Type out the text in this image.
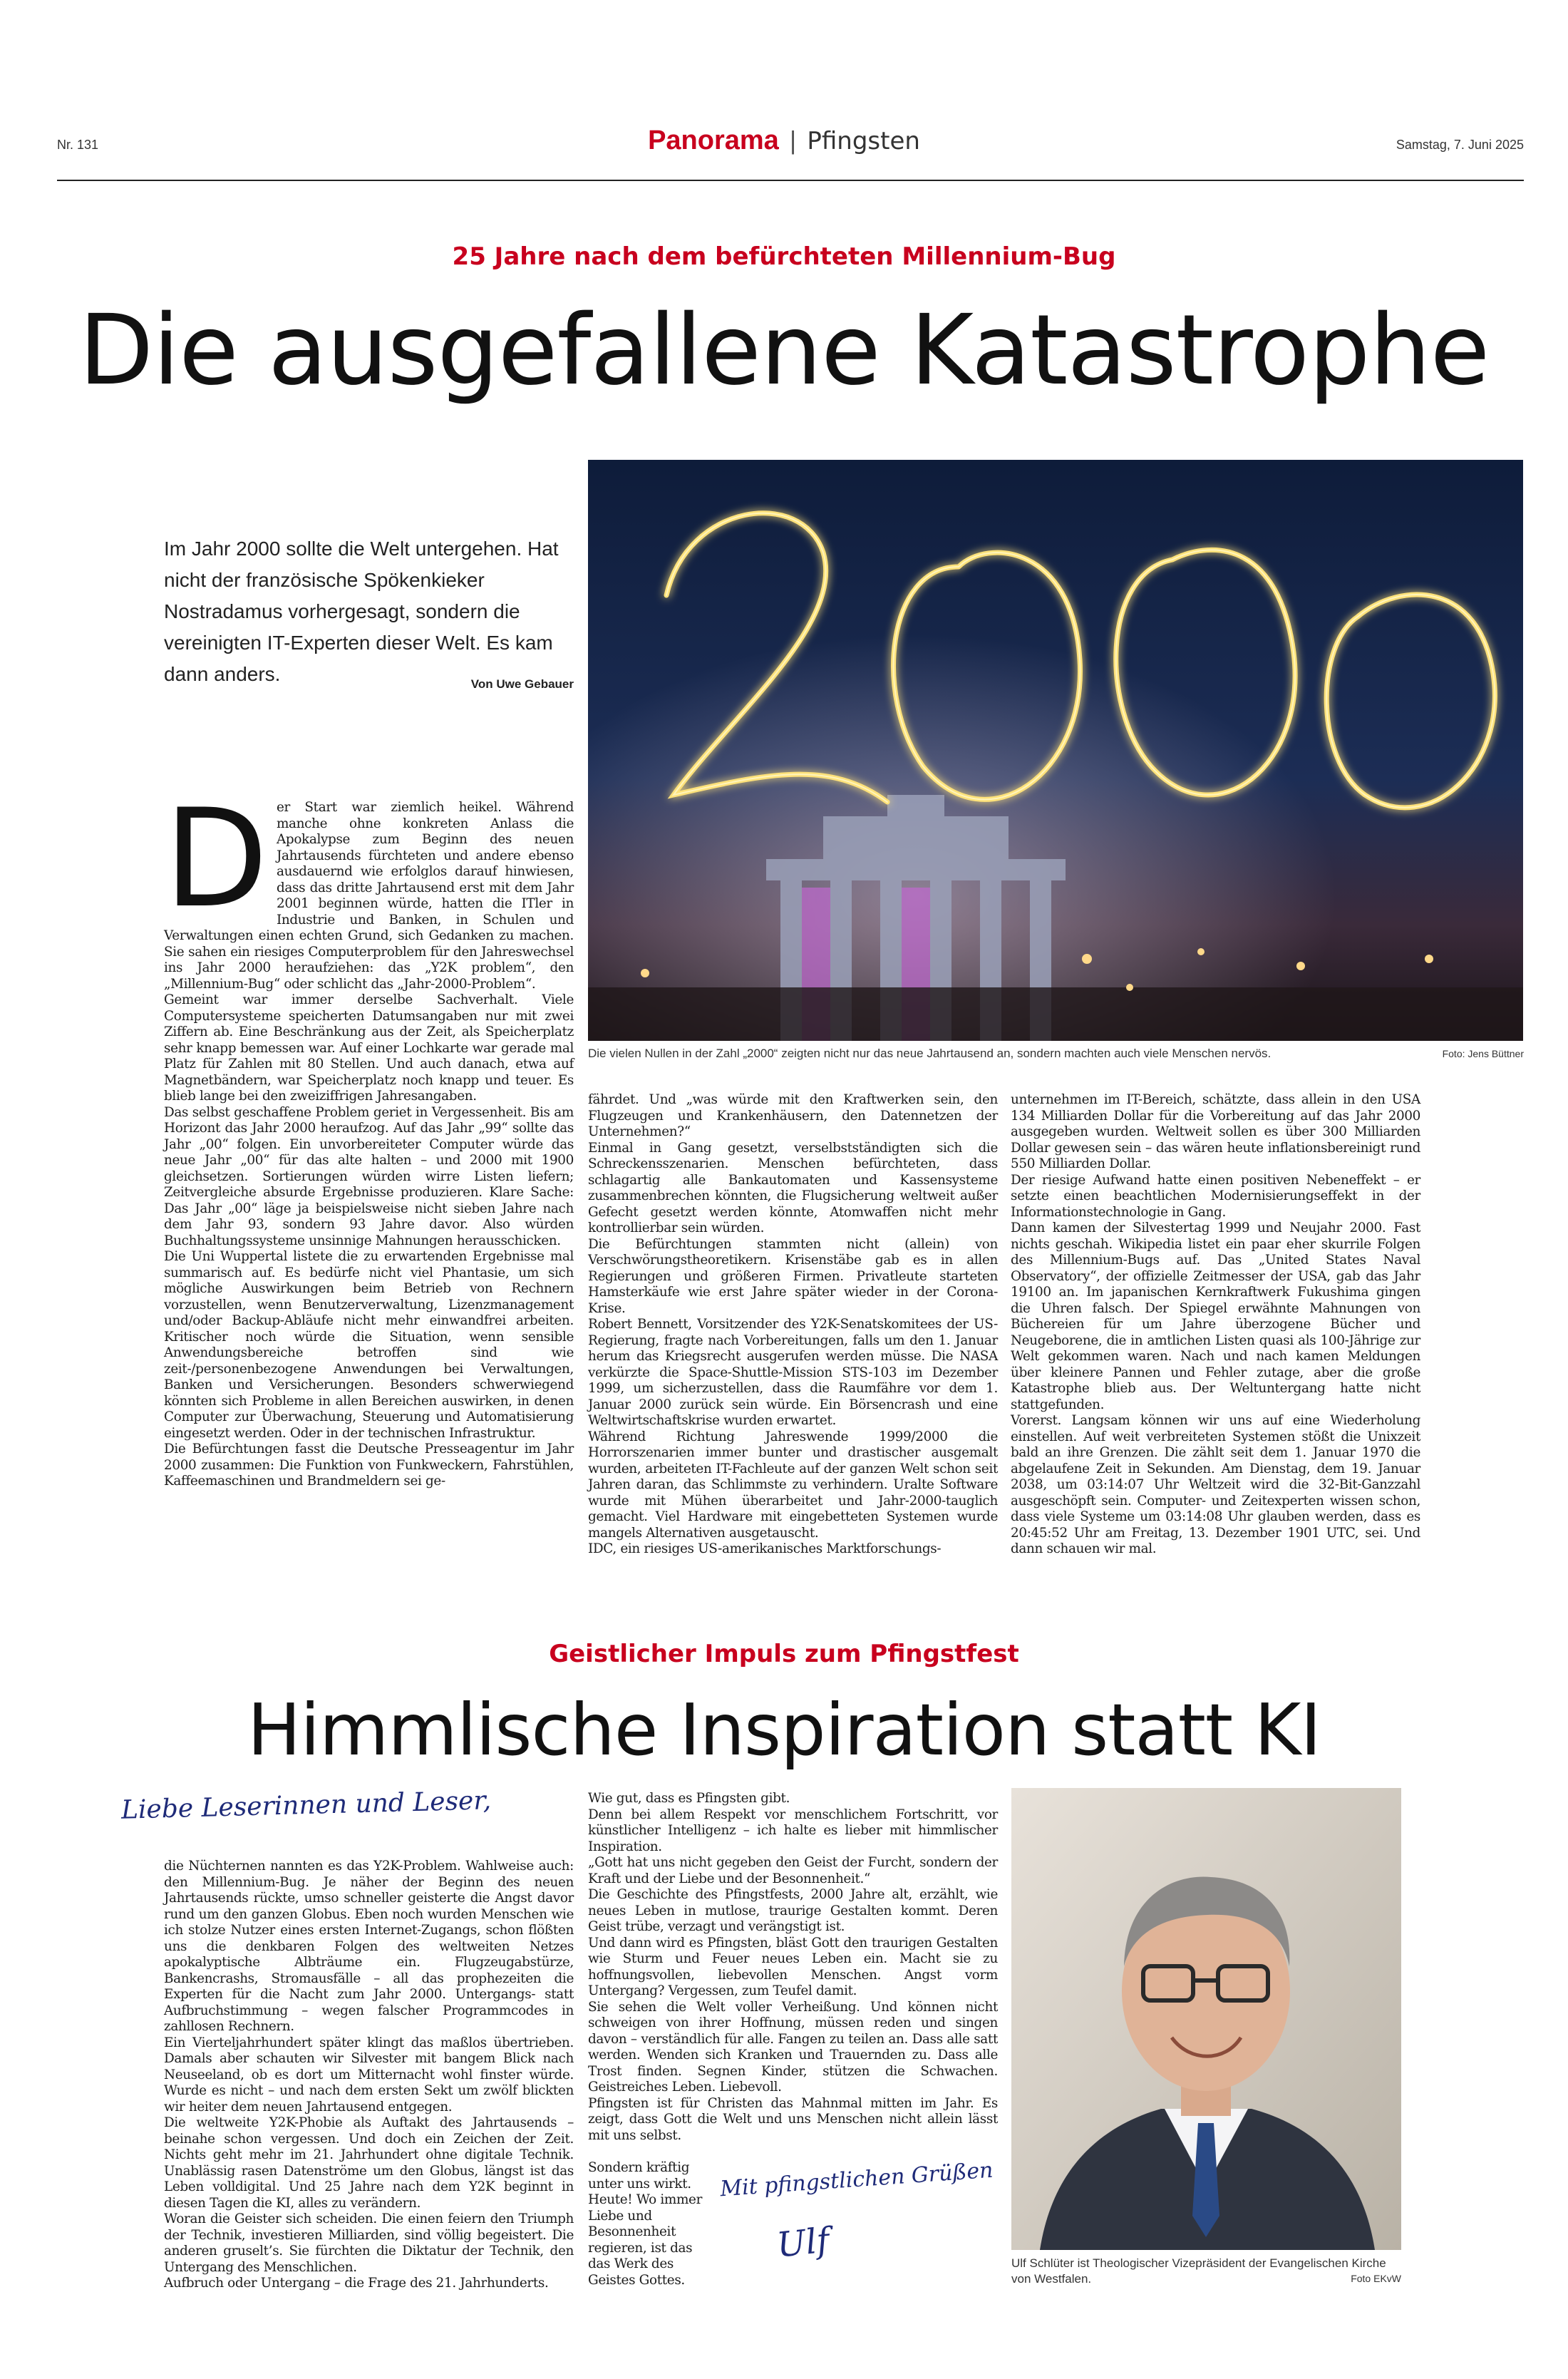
Nr. 131	Panorama  |  Pfingsten	Samstag, 7. Juni 2025
25 Jahre nach dem befürchteten Millennium-Bug
Die ausgefallene Katastrophe
Im Jahr 2000 sollte die Welt untergehen. Hat nicht der französische Spökenkieker Nostradamus vorhergesagt, sondern die vereinigten IT-Experten dieser Welt. Es kam dann anders.	Von Uwe Gebauer
Die vielen Nullen in der Zahl „2000“ zeigten nicht nur das neue Jahrtausend an, sondern machten auch viele Menschen nervös.	Foto: Jens Büttner

Der Start war ziemlich heikel. Während manche ohne konkreten Anlass die Apokalypse zum Beginn des neuen Jahrtausends fürchteten und andere ebenso ausdauernd wie erfolglos darauf hinwiesen, dass das dritte Jahrtausend erst mit dem Jahr 2001 beginnen würde, hatten die ITler in Industrie und Banken, in Schulen und Verwaltungen einen echten Grund, sich Gedanken zu machen. Sie sahen ein riesiges Computerproblem für den Jahreswechsel ins Jahr 2000 heraufziehen: das „Y2K problem“, den „Millennium-Bug“ oder schlicht das „Jahr-2000-Problem“.

Gemeint war immer derselbe Sachverhalt. Viele Computersysteme speicherten Datumsangaben nur mit zwei Ziffern ab. Eine Beschränkung aus der Zeit, als Speicherplatz sehr knapp bemessen war. Auf einer Lochkarte war gerade mal Platz für Zahlen mit 80 Stellen. Und auch danach, etwa auf Magnetbändern, war Speicherplatz noch knapp und teuer. Es blieb lange bei den zweiziffrigen Jahresangaben.

Das selbst geschaffene Problem geriet in Vergessenheit. Bis am Horizont das Jahr 2000 heraufzog. Auf das Jahr „99“ sollte das Jahr „00“ folgen. Ein unvorbereiteter Computer würde das neue Jahr „00“ für das alte halten – und 2000 mit 1900 gleichsetzen. Sortierungen würden wirre Listen liefern; Zeitvergleiche absurde Ergebnisse produzieren. Klare Sache: Das Jahr „00“ läge ja beispielsweise nicht sieben Jahre nach dem Jahr 93, sondern 93 Jahre davor. Also würden Buchhaltungssysteme unsinnige Mahnungen herausschicken.

Die Uni Wuppertal listete die zu erwartenden Ergebnisse mal summarisch auf. Es bedürfe nicht viel Phantasie, um sich mögliche Auswirkungen beim Betrieb von Rechnern vorzustellen, wenn Benutzerverwaltung, Lizenzmanagement und/oder Backup-Abläufe nicht mehr einwandfrei arbeiten. Kritischer noch würde die Situation, wenn sensible Anwendungsbereiche betroffen sind wie zeit-/personenbezogene Anwendungen bei Verwaltungen, Banken und Versicherungen. Besonders schwerwiegend könnten sich Probleme in allen Bereichen auswirken, in denen Computer zur Überwachung, Steuerung und Automatisierung eingesetzt werden. Oder in der technischen Infrastruktur.

Die Befürchtungen fasst die Deutsche Presseagentur im Jahr 2000 zusammen: Die Funktion von Funkweckern, Fahrstühlen, Kaffeemaschinen und Brandmeldern sei ge-

fährdet. Und „was würde mit den Kraftwerken sein, den Flugzeugen und Krankenhäusern, den Datennetzen der Unternehmen?“

Einmal in Gang gesetzt, verselbstständigten sich die Schreckensszenarien. Menschen befürchteten, dass schlagartig alle Bankautomaten und Kassensysteme zusammenbrechen könnten, die Flugsicherung weltweit außer Gefecht gesetzt werden könnte, Atomwaffen nicht mehr kontrollierbar sein würden.

Die Befürchtungen stammten nicht (allein) von Verschwörungstheoretikern. Krisenstäbe gab es in allen Regierungen und größeren Firmen. Privatleute starteten Hamsterkäufe wie erst Jahre später wieder in der Corona-Krise.

Robert Bennett, Vorsitzender des Y2K-Senatskomitees der US-Regierung, fragte nach Vorbereitungen, falls um den 1. Januar herum das Kriegsrecht ausgerufen werden müsse. Die NASA verkürzte die Space-Shuttle-Mission STS-103 im Dezember 1999, um sicherzustellen, dass die Raumfähre vor dem 1. Januar 2000 zurück sein würde. Ein Börsencrash und eine Weltwirtschaftskrise wurden erwartet.

Während Richtung Jahreswende 1999/2000 die Horrorszenarien immer bunter und drastischer ausgemalt wurden, arbeiteten IT-Fachleute auf der ganzen Welt schon seit Jahren daran, das Schlimmste zu verhindern. Uralte Software wurde mit Mühen überarbeitet und Jahr-2000-tauglich gemacht. Viel Hardware mit eingebetteten Systemen wurde mangels Alternativen ausgetauscht.

IDC, ein riesiges US-amerikanisches Marktforschungs-

unternehmen im IT-Bereich, schätzte, dass allein in den USA 134 Milliarden Dollar für die Vorbereitung auf das Jahr 2000 ausgegeben wurden. Weltweit sollen es über 300 Milliarden Dollar gewesen sein – das wären heute inflationsbereinigt rund 550 Milliarden Dollar.

Der riesige Aufwand hatte einen positiven Nebeneffekt – er setzte einen beachtlichen Modernisierungseffekt in der Informationstechnologie in Gang.

Dann kamen der Silvestertag 1999 und Neujahr 2000. Fast nichts geschah. Wikipedia listet ein paar eher skurrile Folgen des Millennium-Bugs auf. Das „United States Naval Observatory“, der offizielle Zeitmesser der USA, gab das Jahr 19100 an. Im japanischen Kernkraftwerk Fukushima gingen die Uhren falsch. Der Spiegel erwähnte Mahnungen von Büchereien für um Jahre überzogene Bücher und Neugeborene, die in amtlichen Listen quasi als 100-Jährige zur Welt gekommen waren. Nach und nach kamen Meldungen über kleinere Pannen und Fehler zutage, aber die große Katastrophe blieb aus. Der Weltuntergang hatte nicht stattgefunden.

Vorerst. Langsam können wir uns auf eine Wiederholung einstellen. Auf weit verbreiteten Systemen stößt die Unixzeit bald an ihre Grenzen. Die zählt seit dem 1. Januar 1970 die abgelaufene Zeit in Sekunden. Am Dienstag, dem 19. Januar 2038, um 03:14:07 Uhr Weltzeit wird die 32-Bit-Ganzzahl ausgeschöpft sein. Computer- und Zeitexperten wissen schon, dass viele Systeme um 03:14:08 Uhr glauben werden, dass es 20:45:52 Uhr am Freitag, 13. Dezember 1901 UTC, sei. Und dann schauen wir mal.

Geistlicher Impuls zum Pfingstfest
Himmlische Inspiration statt KI
Liebe Leserinnen und Leser,

die Nüchternen nannten es das Y2K-Problem. Wahlweise auch: den Millennium-Bug. Je näher der Beginn des neuen Jahrtausends rückte, umso schneller geisterte die Angst davor rund um den ganzen Globus. Eben noch wurden Menschen wie ich stolze Nutzer eines ersten Internet-Zugangs, schon flößten uns die denkbaren Folgen des weltweiten Netzes apokalyptische Albträume ein. Flugzeugabstürze, Bankencrashs, Stromausfälle – all das prophezeiten die Experten für die Nacht zum Jahr 2000. Untergangs- statt Aufbruchstimmung – wegen falscher Programmcodes in zahllosen Rechnern.

Ein Vierteljahrhundert später klingt das maßlos übertrieben. Damals aber schauten wir Silvester mit bangem Blick nach Neuseeland, ob es dort um Mitternacht wohl finster würde. Wurde es nicht – und nach dem ersten Sekt um zwölf blickten wir heiter dem neuen Jahrtausend entgegen.

Die weltweite Y2K-Phobie als Auftakt des Jahrtausends – beinahe schon vergessen. Und doch ein Zeichen der Zeit. Nichts geht mehr im 21. Jahrhundert ohne digitale Technik. Unablässig rasen Datenströme um den Globus, längst ist das Leben volldigital. Und 25 Jahre nach dem Y2K beginnt in diesen Tagen die KI, alles zu verändern.

Woran die Geister sich scheiden. Die einen feiern den Triumph der Technik, investieren Milliarden, sind völlig begeistert. Die anderen gruselt’s. Sie fürchten die Diktatur der Technik, den Untergang des Menschlichen.

Aufbruch oder Untergang – die Frage des 21. Jahrhunderts.

Wie gut, dass es Pfingsten gibt.

Denn bei allem Respekt vor menschlichem Fortschritt, vor künstlicher Intelligenz – ich halte es lieber mit himmlischer Inspiration.

„Gott hat uns nicht gegeben den Geist der Furcht, sondern der Kraft und der Liebe und der Besonnenheit.“

Die Geschichte des Pfingstfests, 2000 Jahre alt, erzählt, wie neues Leben in mutlose, traurige Gestalten kommt. Deren Geist trübe, verzagt und verängstigt ist.

Und dann wird es Pfingsten, bläst Gott den traurigen Gestalten wie Sturm und Feuer neues Leben ein. Macht sie zu hoffnungsvollen, liebevollen Menschen. Angst vorm Untergang? Vergessen, zum Teufel damit.

Sie sehen die Welt voller Verheißung. Und können nicht schweigen von ihrer Hoffnung, müssen reden und singen davon – verständlich für alle. Fangen zu teilen an. Dass alle satt werden. Wenden sich Kranken und Trauernden zu. Dass alle Trost finden. Segnen Kinder, stützen die Schwachen. Geistreiches Leben. Liebevoll.

Pfingsten ist für Christen das Mahnmal mitten im Jahr. Es zeigt, dass Gott die Welt und uns Menschen nicht allein lässt mit uns selbst.

Sondern kräftig unter uns wirkt. Heute! Wo immer Liebe und Besonnenheit regieren, ist das das Werk des Geistes Gottes.
Mit pfingstlichen Grüßen
Ulf	Ulf Schlüter ist Theologischer Vizepräsident der Evangelischen Kirche von Westfalen.	Foto EKvW
